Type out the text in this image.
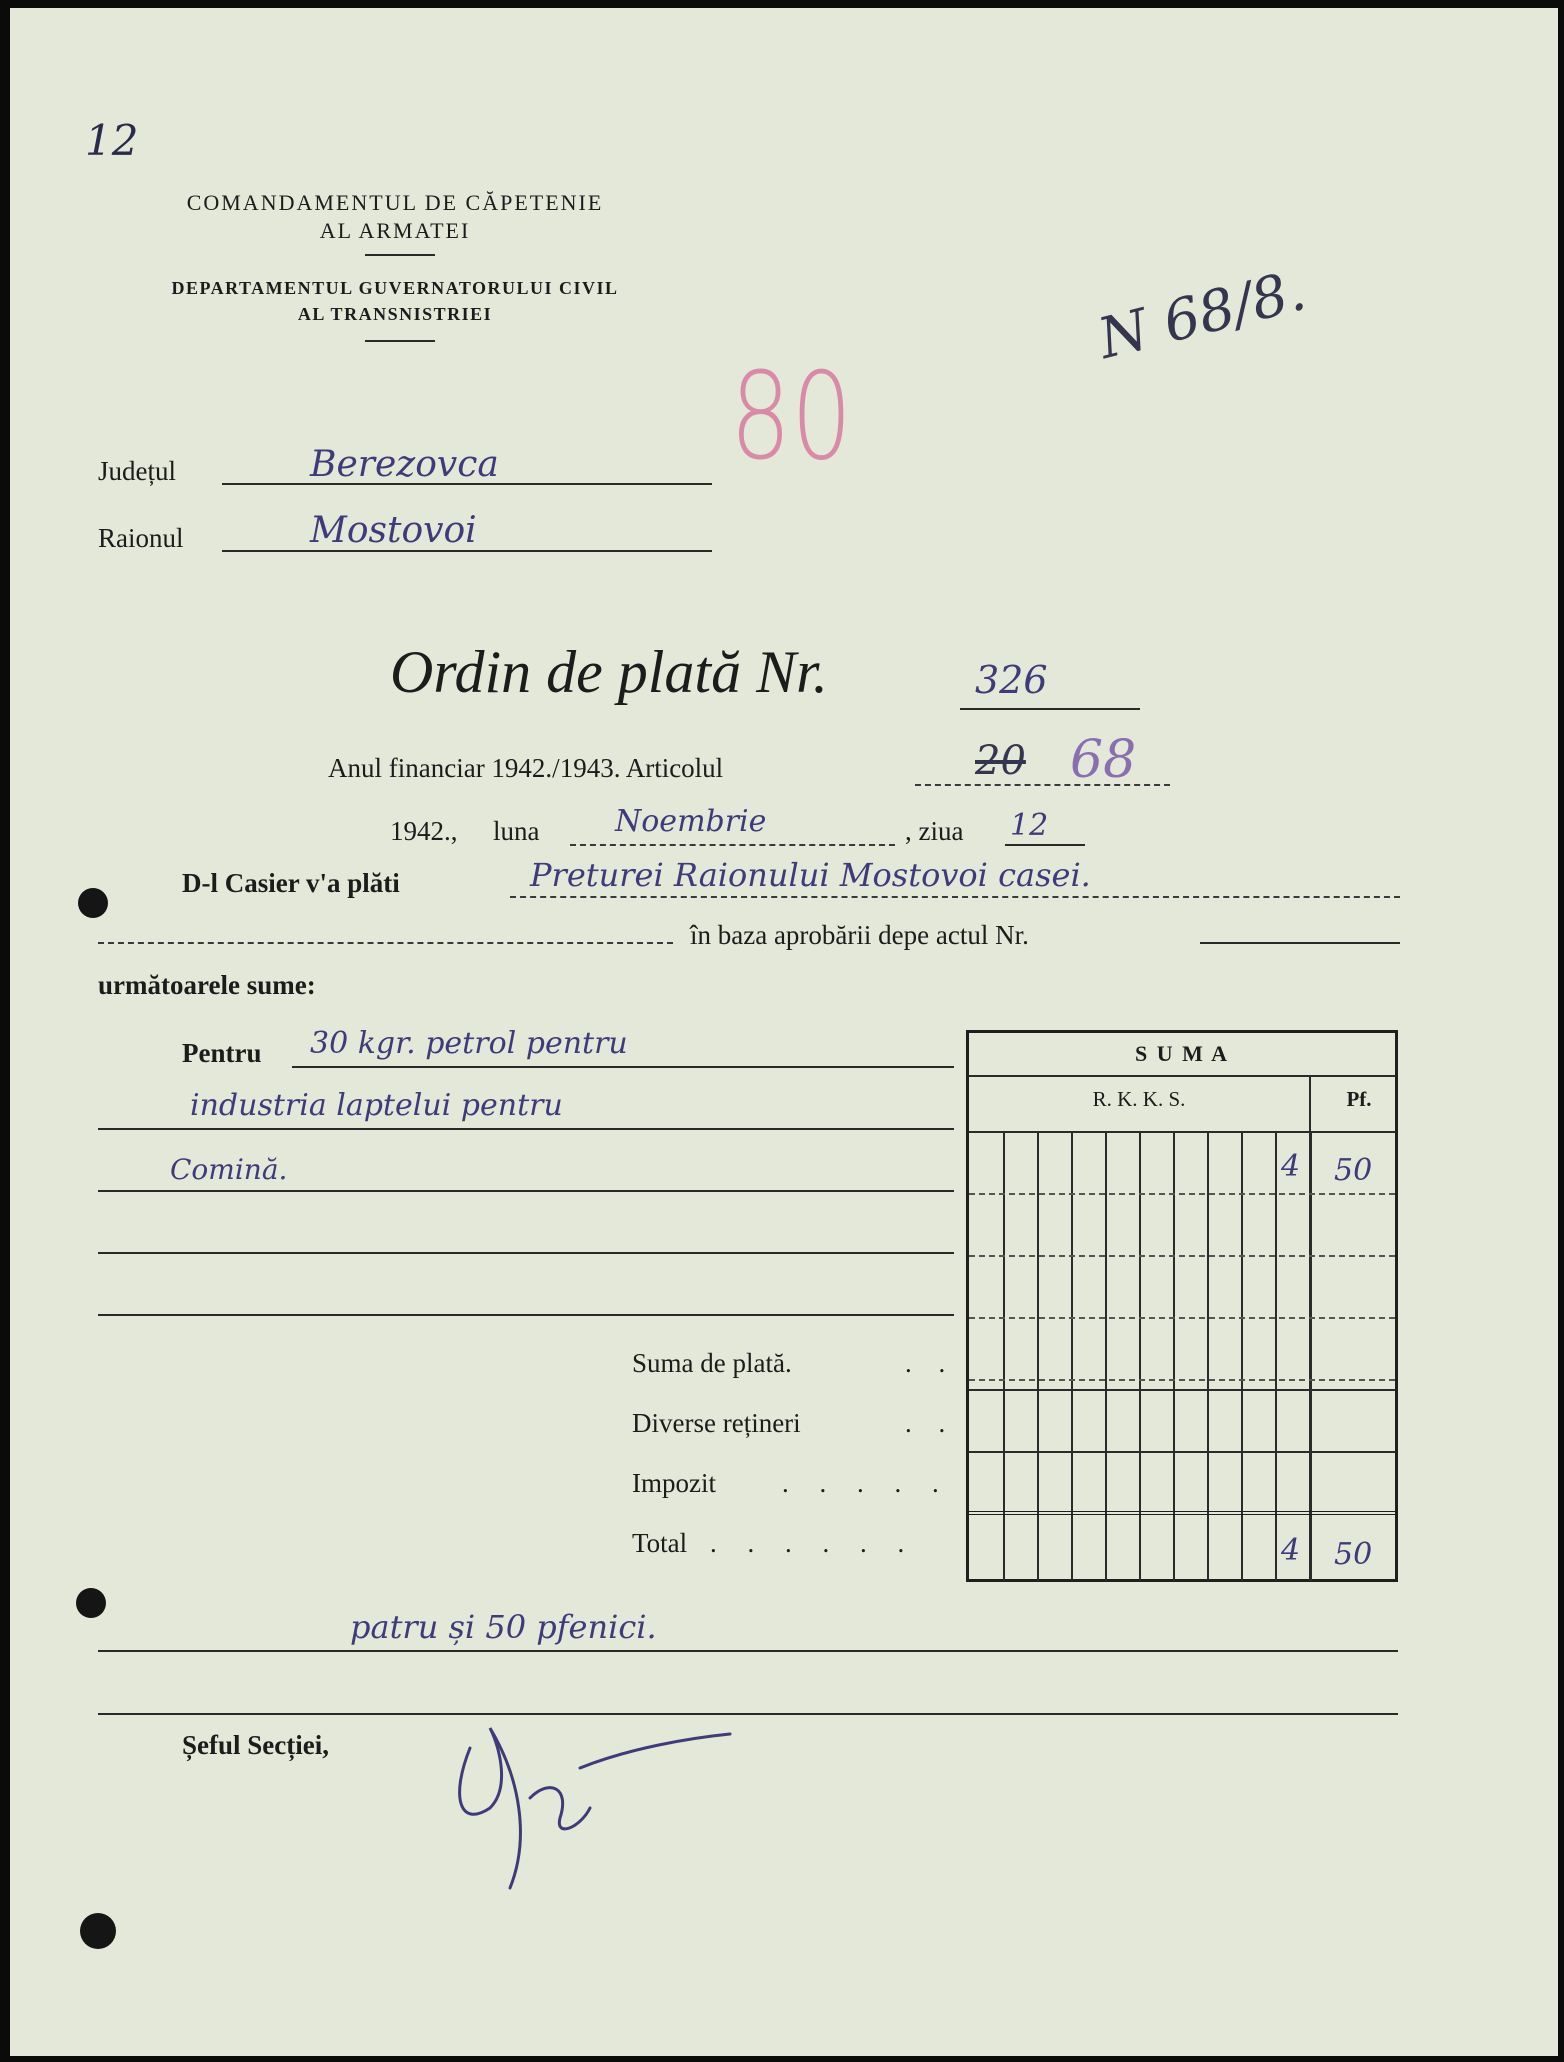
12
COMANDAMENTUL DE CĂPETENIE
AL ARMATEI
DEPARTAMENTUL GUVERNATORULUI CIVIL
AL TRANSNISTRIEI
80
N 68/8.
Județul	Berezovca
Raionul	Mostovoi
Ordin de plată Nr.	326
Anul financiar 1942./1943. Articolul	20 68
1942., luna	Noembrie	, ziua 12
D-l Casier v'a plăti	Preturei Raionului Mostovoi casei.
în baza aprobării depe actul Nr.
următoarele sume:
Pentru 30 kgr. petrol pentru
industria laptelui pentru
Comină.
Suma de plată.	. .
Diverse rețineri	. .
Impozit . . . . .
Total . . . . . .
S U M A
R. K. K. S.	Pf.
4 50
4 50
patru și 50 pfenici.
Șeful Secției,
